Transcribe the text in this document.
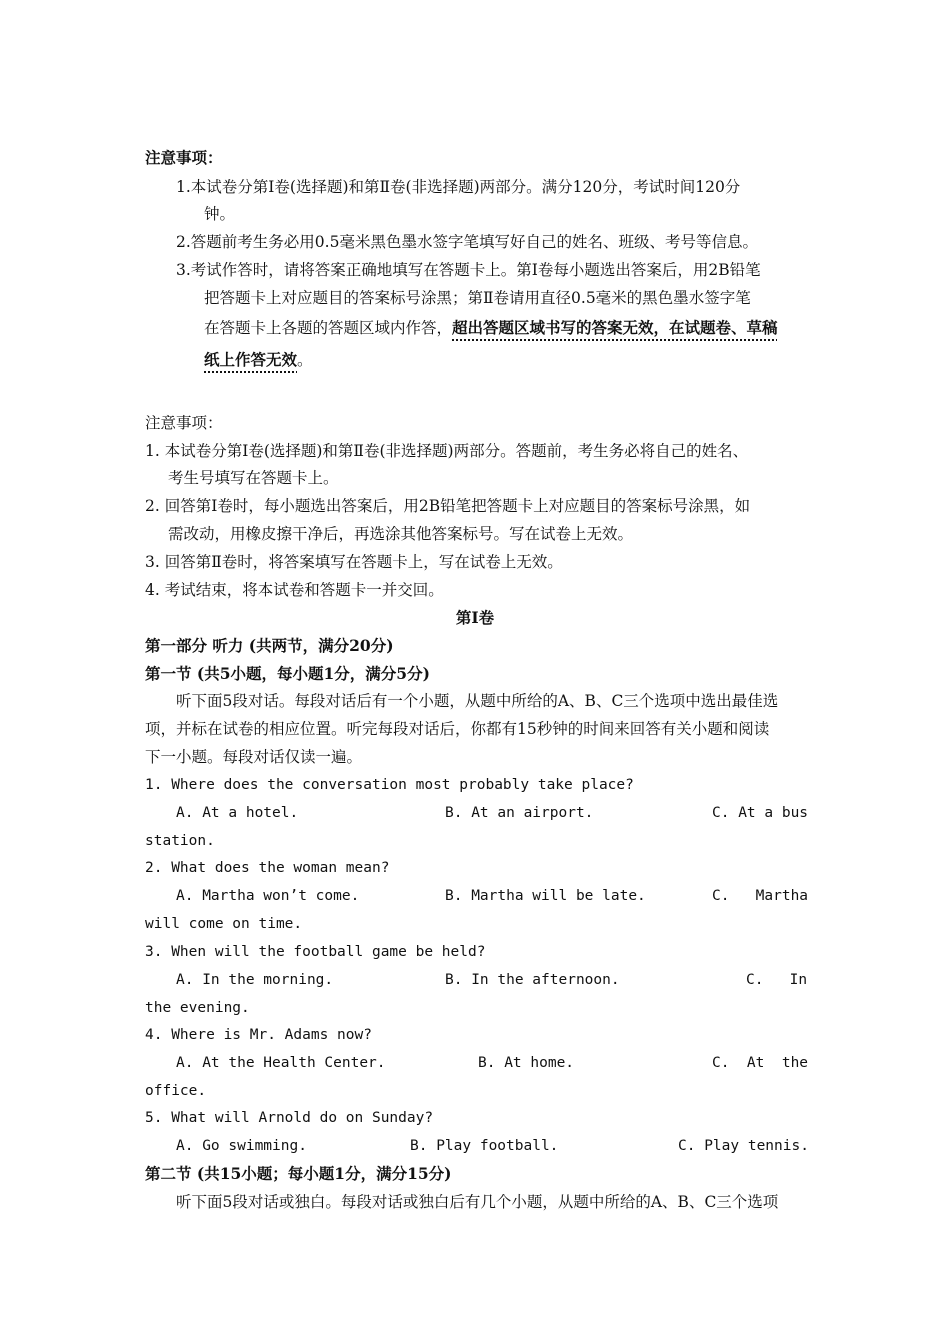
注意事项：
1.本试卷分第Ⅰ卷(选择题)和第Ⅱ卷(非选择题)两部分。满分120分，考试时间120分
钟。
2.答题前考生务必用0.5毫米黑色墨水签字笔填写好自己的姓名、班级、考号等信息。
3.考试作答时，请将答案正确地填写在答题卡上。第Ⅰ卷每小题选出答案后，用2B铅笔
把答题卡上对应题目的答案标号涂黑；第Ⅱ卷请用直径0.5毫米的黑色墨水签字笔
在答题卡上各题的答题区域内作答，超出答题区域书写的答案无效，在试题卷、草稿
纸上作答无效。
注意事项：
1. 本试卷分第Ⅰ卷(选择题)和第Ⅱ卷(非选择题)两部分。答题前，考生务必将自己的姓名、
考生号填写在答题卡上。
2. 回答第Ⅰ卷时，每小题选出答案后，用2B铅笔把答题卡上对应题目的答案标号涂黑，如
需改动，用橡皮擦干净后，再选涂其他答案标号。写在试卷上无效。
3. 回答第Ⅱ卷时，将答案填写在答题卡上，写在试卷上无效。
4. 考试结束，将本试卷和答题卡一并交回。
第Ⅰ卷
第一部分 听力 (共两节，满分20分)
第一节 (共5小题，每小题1分，满分5分)
听下面5段对话。每段对话后有一个小题，从题中所给的A、B、C三个选项中选出最佳选
项，并标在试卷的相应位置。听完每段对话后，你都有15秒钟的时间来回答有关小题和阅读
下一小题。每段对话仅读一遍。
1. Where does the conversation most probably take place?
A. At a hotel.	B. At an airport.	C. At a bus
station.
2. What does the woman mean?
A. Martha won’t come.	B. Martha will be late.	C.   Martha
will come on time.
3. When will the football game be held?
A. In the morning.	B. In the afternoon.	C.   In
the evening.
4. Where is Mr. Adams now?
A. At the Health Center.	B. At home.	C.  At  the
office.
5. What will Arnold do on Sunday?
A. Go swimming.	B. Play football.	C. Play tennis.
第二节 (共15小题；每小题1分，满分15分)
听下面5段对话或独白。每段对话或独白后有几个小题，从题中所给的A、B、C三个选项
